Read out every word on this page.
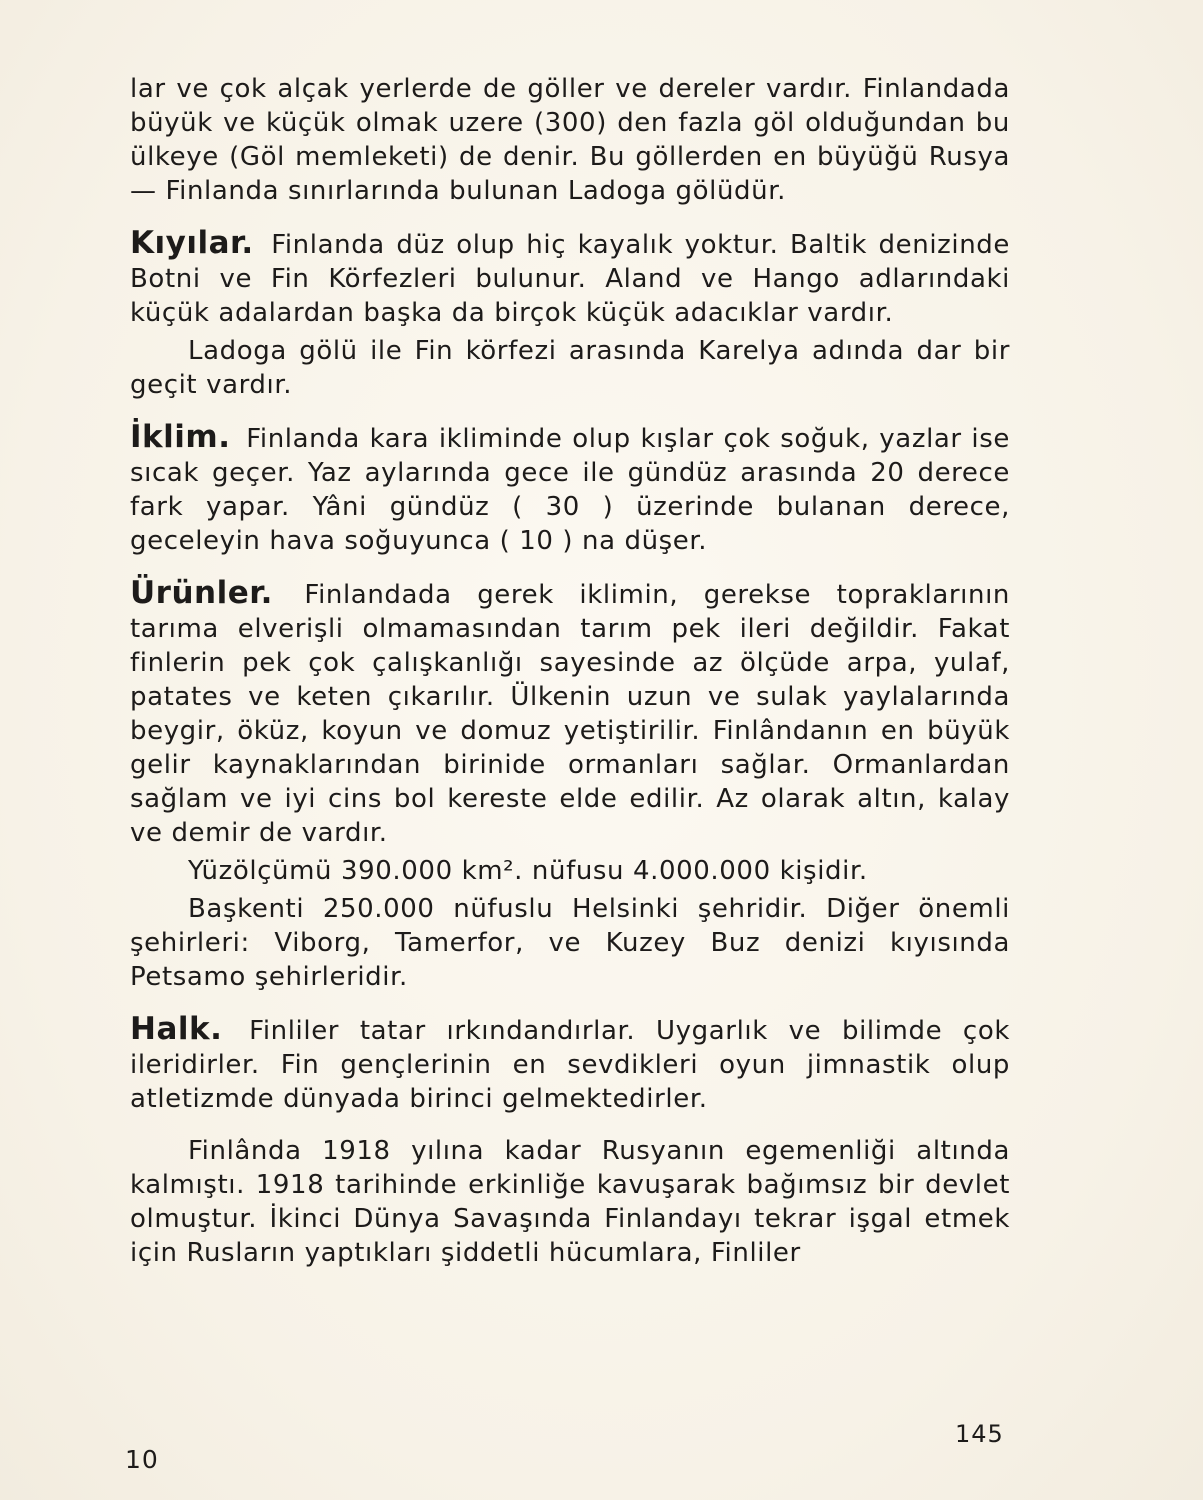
lar ve çok alçak yerlerde de göller ve dereler vardır. Finlandada büyük ve küçük olmak uzere (300) den fazla göl olduğundan bu ülkeye (Göl memleketi) de denir. Bu göllerden en büyüğü Rusya — Finlanda sınırlarında bulunan Ladoga gölüdür.

Kıyılar. Finlanda düz olup hiç kayalık yoktur. Baltik denizinde Botni ve Fin Körfezleri bulunur. Aland ve Hango adlarındaki küçük adalardan başka da birçok küçük adacıklar vardır.

Ladoga gölü ile Fin körfezi arasında Karelya adında dar bir geçit vardır.

İklim. Finlanda kara ikliminde olup kışlar çok soğuk, yazlar ise sıcak geçer. Yaz aylarında gece ile gündüz arasında 20 derece fark yapar. Yâni gündüz ( 30 ) üzerinde bulanan derece, geceleyin hava soğuyunca ( 10 ) na düşer.

Ürünler. Finlandada gerek iklimin, gerekse topraklarının tarıma elverişli olmamasından tarım pek ileri değildir. Fakat finlerin pek çok çalışkanlığı sayesinde az ölçüde arpa, yulaf, patates ve keten çıkarılır. Ülkenin uzun ve sulak yaylalarında beygir, öküz, koyun ve domuz yetiştirilir. Finlândanın en büyük gelir kaynaklarından birinide ormanları sağlar. Ormanlardan sağlam ve iyi cins bol kereste elde edilir. Az olarak altın, kalay ve demir de vardır.

Yüzölçümü 390.000 km². nüfusu 4.000.000 kişidir.

Başkenti 250.000 nüfuslu Helsinki şehridir. Diğer önemli şehirleri: Viborg, Tamerfor, ve Kuzey Buz denizi kıyısında Petsamo şehirleridir.

Halk. Finliler tatar ırkındandırlar. Uygarlık ve bilimde çok ileridirler. Fin gençlerinin en sevdikleri oyun jimnastik olup atletizmde dünyada birinci gelmektedirler.

Finlânda 1918 yılına kadar Rusyanın egemenliği altında kalmıştı. 1918 tarihinde erkinliğe kavuşarak bağımsız bir devlet olmuştur. İkinci Dünya Savaşında Finlandayı tekrar işgal etmek için Rusların yaptıkları şiddetli hücumlara, Finliler

145
10
